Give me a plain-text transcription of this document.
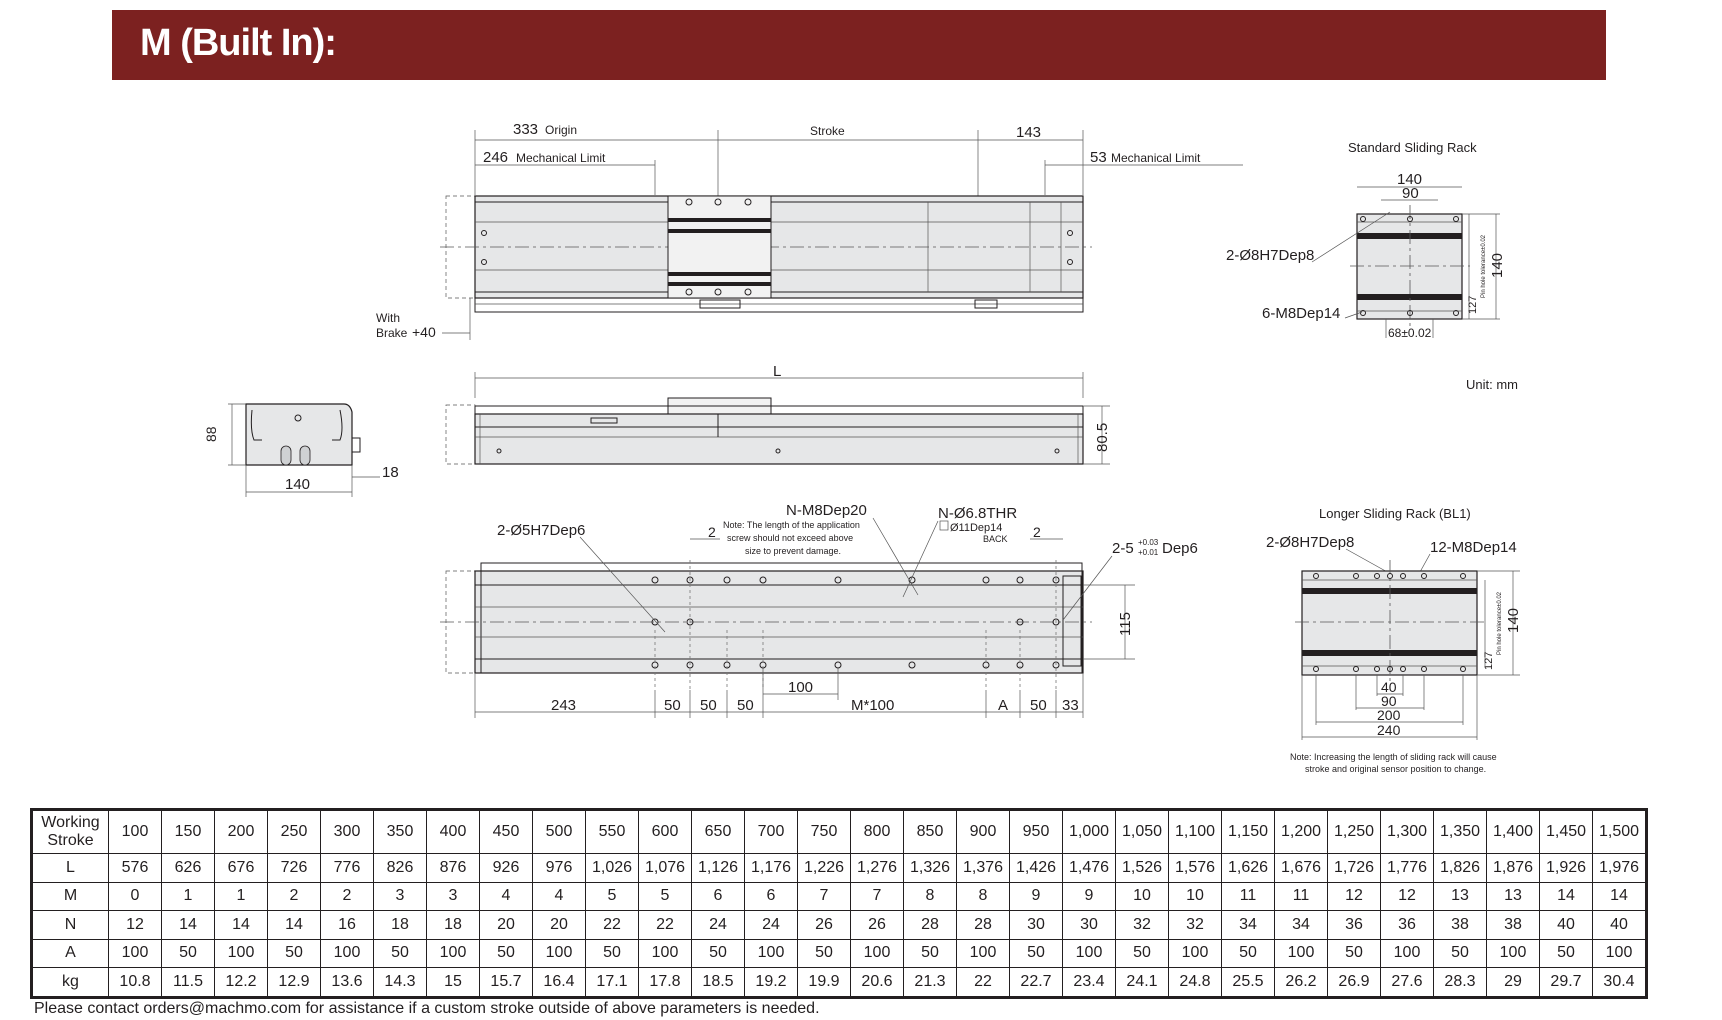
M (Built In):
333 Origin	Stroke	143
246 Mechanical Limit	53 Mechanical Limit
With
Brake +40
Standard Sliding Rack
140
90
140
127
Pin hole tolerance±0.02
2-Ø8H7Dep8
6-M8Dep14
68±0.02
Unit: mm
88
140
18
L
80.5
2-Ø5H7Dep6
N-M8Dep20
Note: The length of the application
screw should not exceed above
size to prevent damage.
N-Ø6.8THR
Ø11Dep14
BACK
2-5 +0.03
+0.01 Dep6
2	2
115
100
243	50 50 50	M*100	A 50 33
Longer Sliding Rack (BL1)
2-Ø8H7Dep8	12-M8Dep14
140
127
Pin hole tolerance±0.02
40
90
200
240
Note: Increasing the length of sliding rack will cause
stroke and original sensor position to change.
Working
Stroke	100	150	200	250	300	350	400	450	500	550	600	650	700	750	800	850	900	950	1,000	1,050	1,100	1,150	1,200	1,250	1,300	1,350	1,400	1,450	1,500
L	576	626	676	726	776	826	876	926	976	1,026	1,076	1,126	1,176	1,226	1,276	1,326	1,376	1,426	1,476	1,526	1,576	1,626	1,676	1,726	1,776	1,826	1,876	1,926	1,976
M	0	1	1	2	2	3	3	4	4	5	5	6	6	7	7	8	8	9	9	10	10	11	11	12	12	13	13	14	14
N	12	14	14	14	16	18	18	20	20	22	22	24	24	26	26	28	28	30	30	32	32	34	34	36	36	38	38	40	40
A	100	50	100	50	100	50	100	50	100	50	100	50	100	50	100	50	100	50	100	50	100	50	100	50	100	50	100	50	100
kg	10.8	11.5	12.2	12.9	13.6	14.3	15	15.7	16.4	17.1	17.8	18.5	19.2	19.9	20.6	21.3	22	22.7	23.4	24.1	24.8	25.5	26.2	26.9	27.6	28.3	29	29.7	30.4
Please contact orders@machmo.com for assistance if a custom stroke outside of above parameters is needed.
